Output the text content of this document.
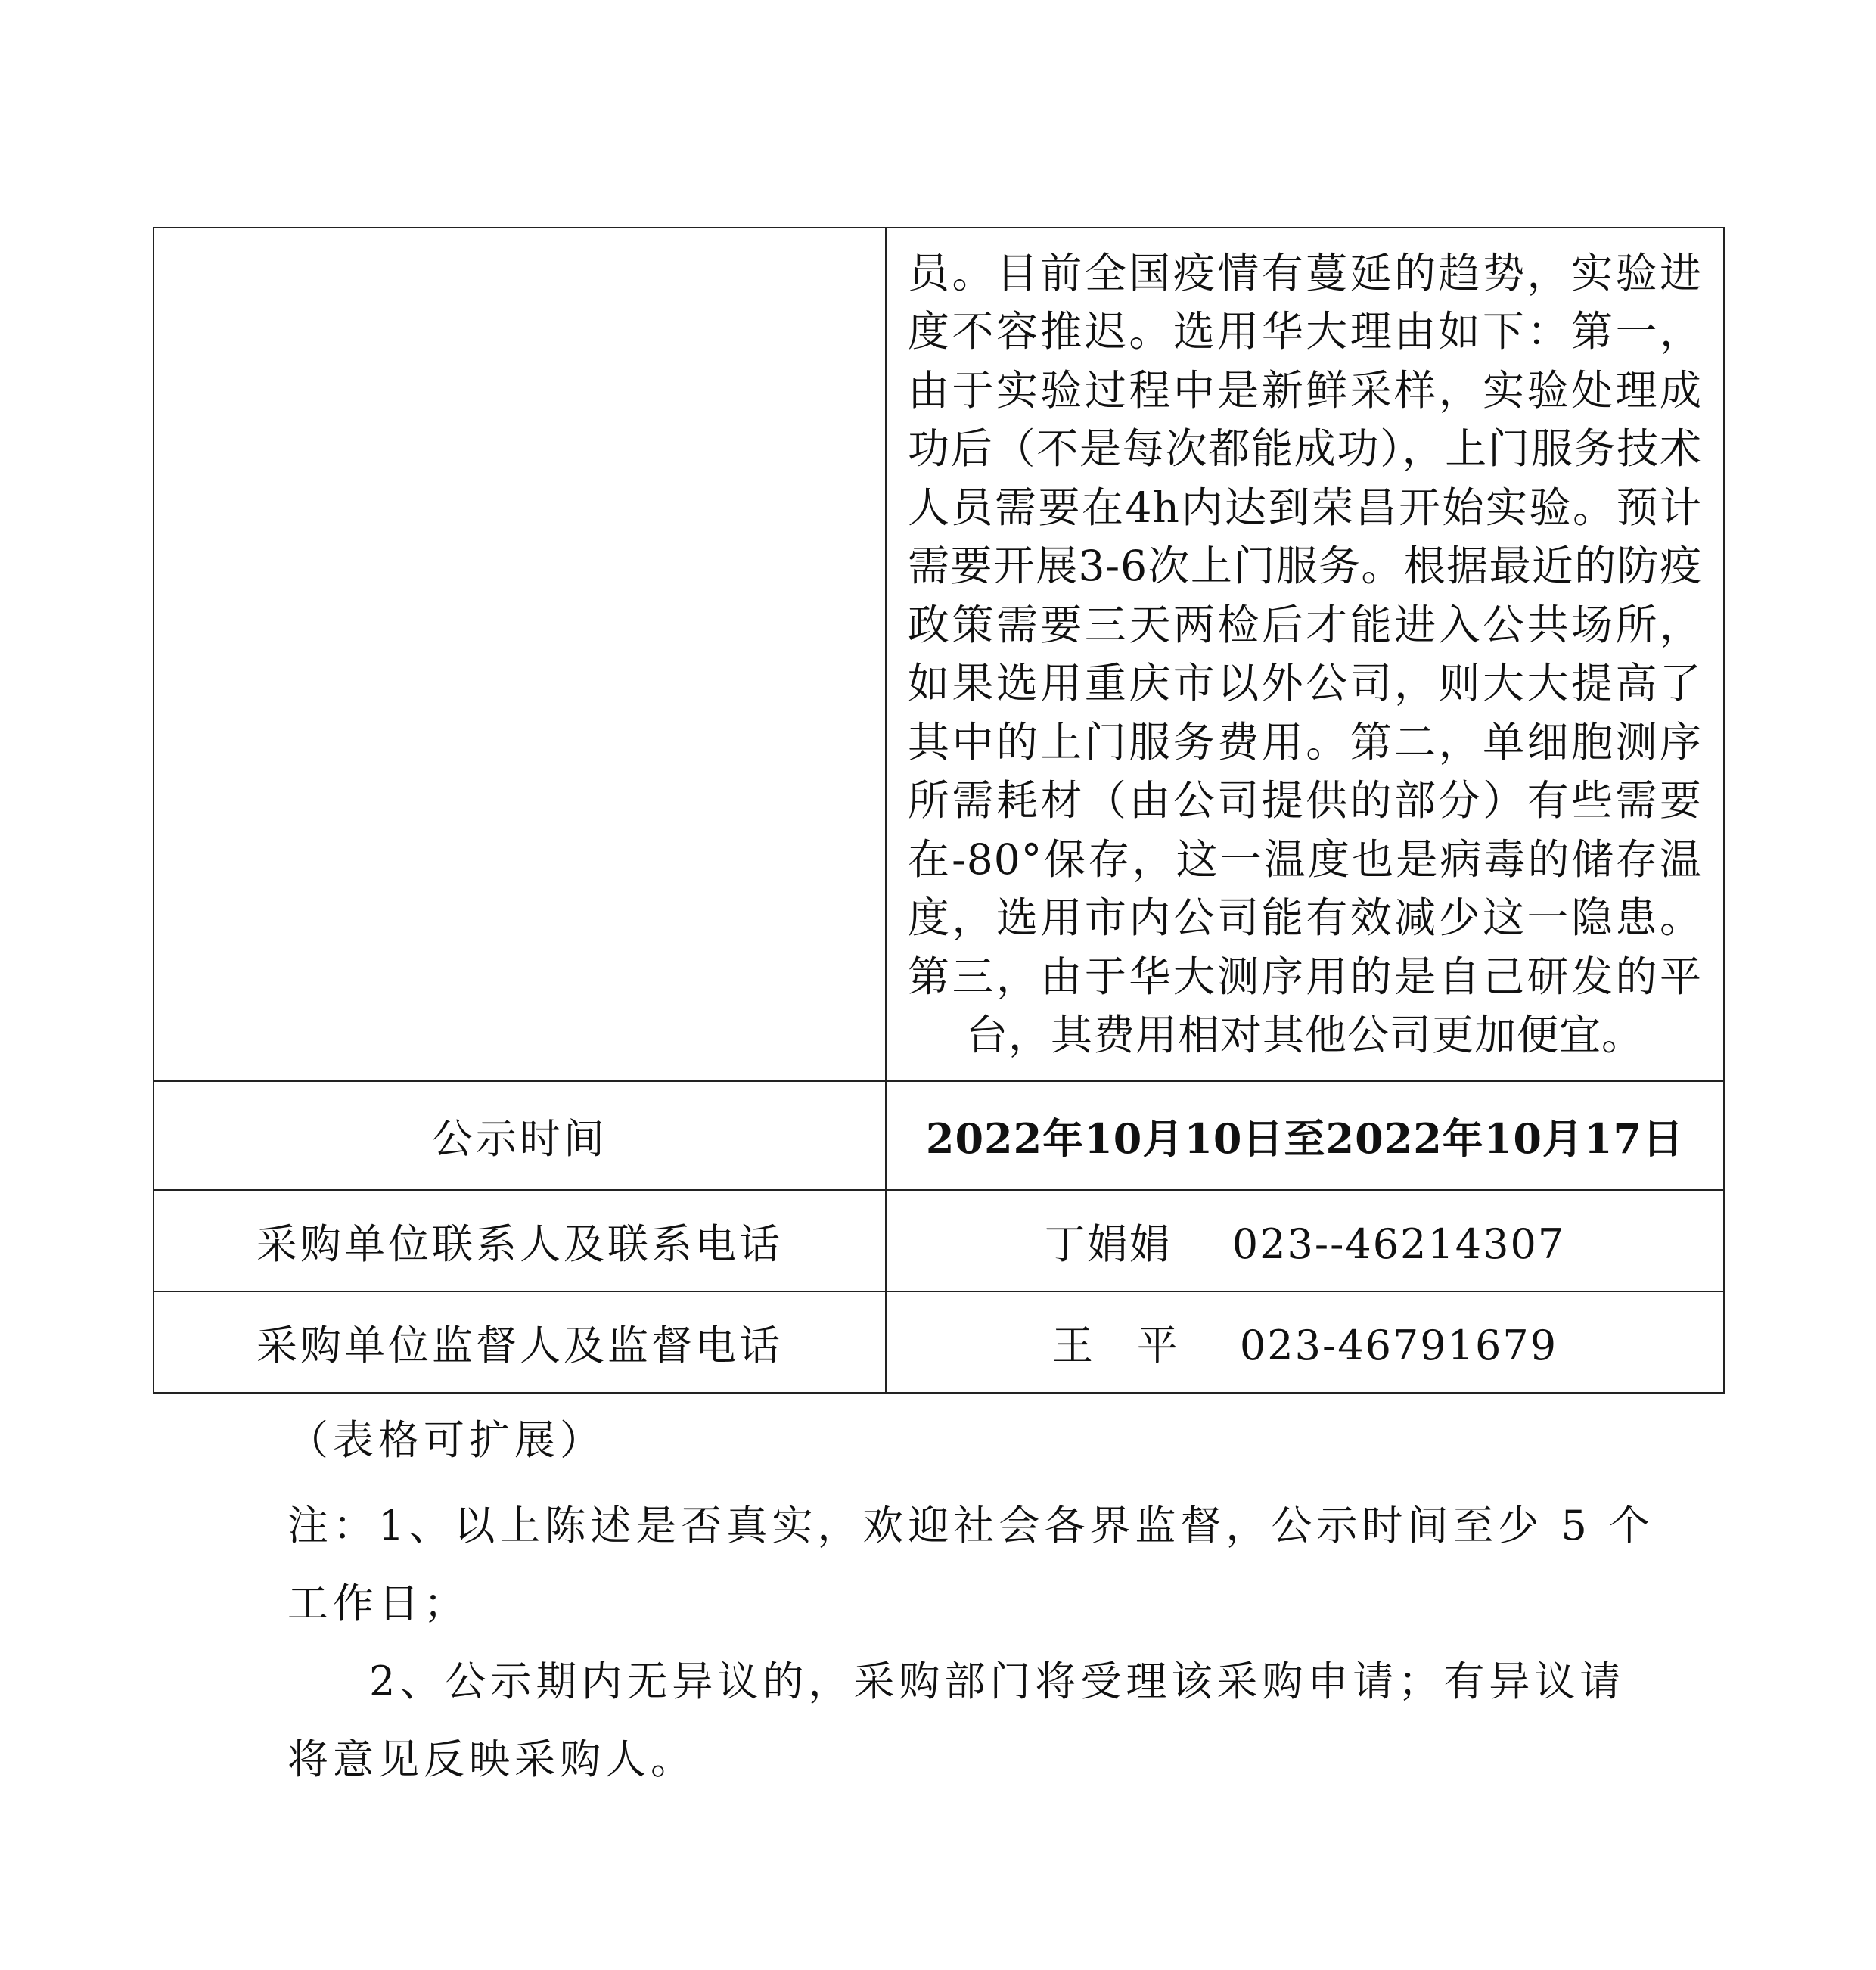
	员。目前全国疫情有蔓延的趋势，实验进度不容推迟。选用华大理由如下：第一，由于实验过程中是新鲜采样，实验处理成功后（不是每次都能成功），上门服务技术人员需要在4h内达到荣昌开始实验。预计需要开展3-6次上门服务。根据最近的防疫政策需要三天两检后才能进入公共场所，如果选用重庆市以外公司，则大大提高了其中的上门服务费用。第二，单细胞测序所需耗材（由公司提供的部分）有些需要在-80°保存，这一温度也是病毒的储存温度，选用市内公司能有效减少这一隐患。第三，由于华大测序用的是自己研发的平台，其费用相对其他公司更加便宜。

公示时间	2022年10月10日至2022年10月17日
采购单位联系人及联系电话	丁娟娟 023--46214307
采购单位监督人及监督电话	王　平 023-46791679
（表格可扩展）
注：1、以上陈述是否真实，欢迎社会各界监督，公示时间至少 5 个
工作日；
2、公示期内无异议的，采购部门将受理该采购申请；有异议请
将意见反映采购人。
